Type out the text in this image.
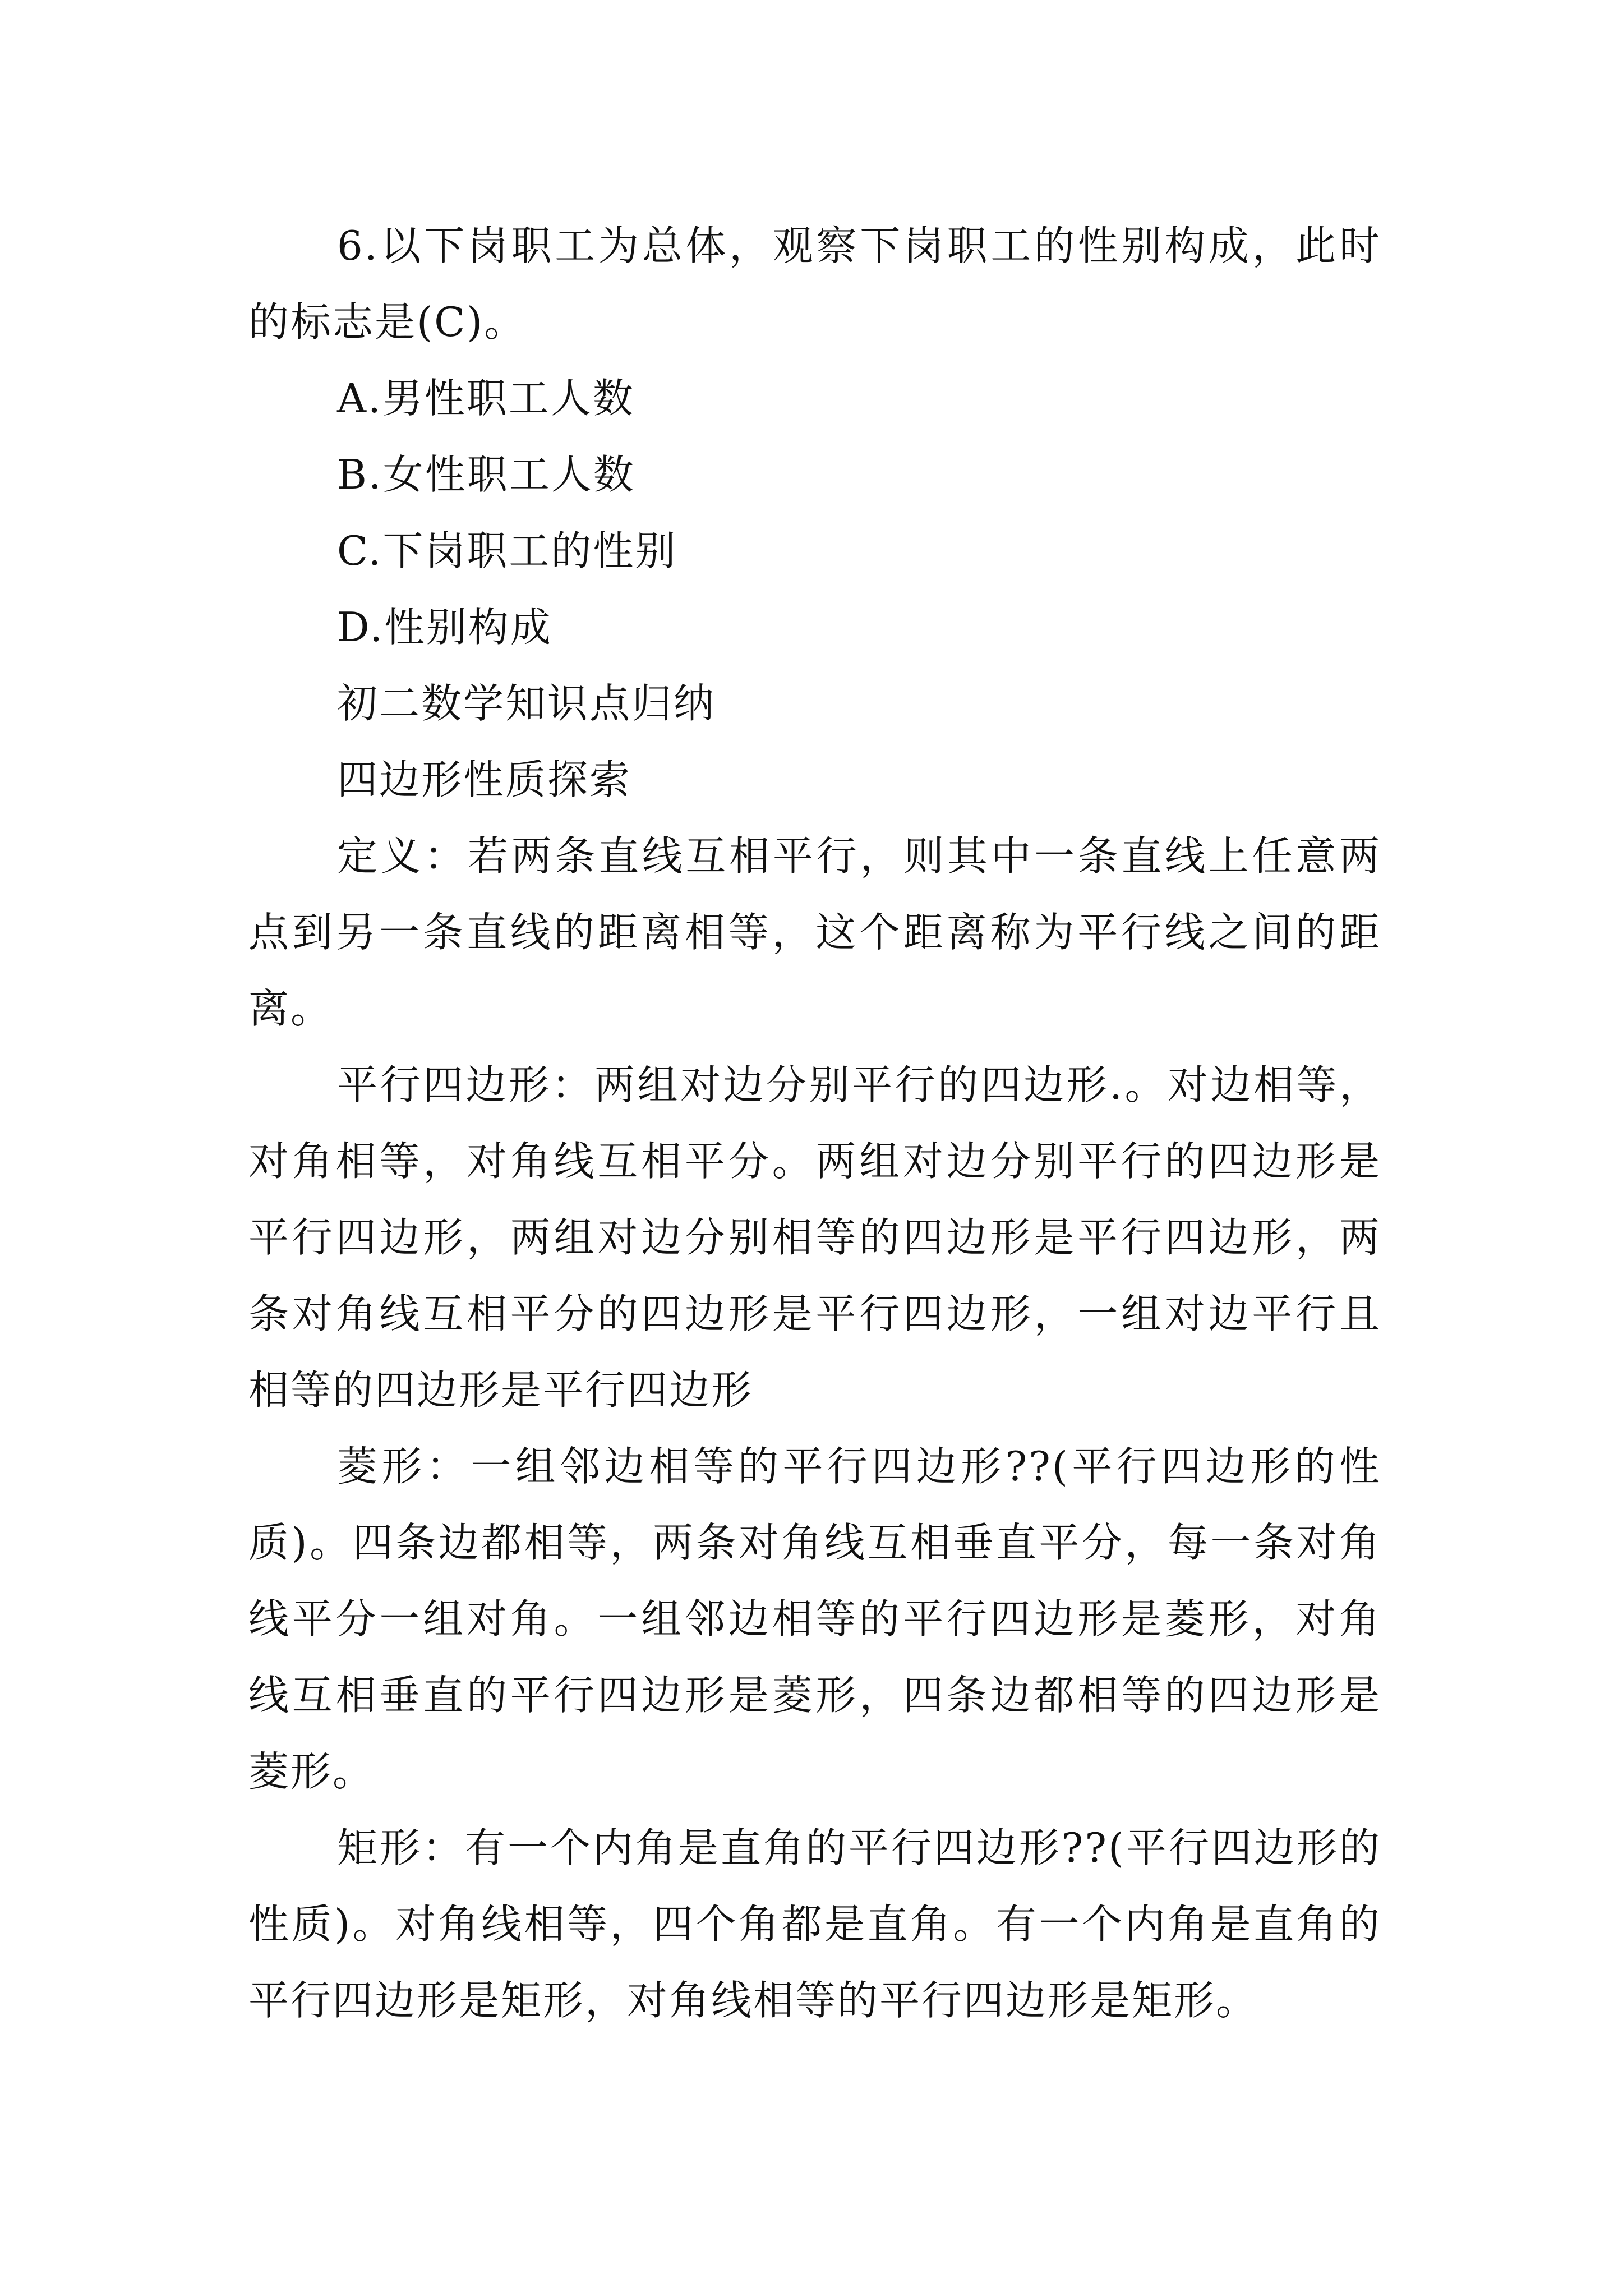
6.以下岗职工为总体，观察下岗职工的性别构成，此时的标志是(C)。

A.男性职工人数

B.女性职工人数

C.下岗职工的性别

D.性别构成

初二数学知识点归纳

四边形性质探索

定义：若两条直线互相平行，则其中一条直线上任意两点到另一条直线的距离相等，这个距离称为平行线之间的距离。

平行四边形：两组对边分别平行的四边形.。对边相等，对角相等，对角线互相平分。两组对边分别平行的四边形是平行四边形，两组对边分别相等的四边形是平行四边形，两条对角线互相平分的四边形是平行四边形，一组对边平行且相等的四边形是平行四边形

菱形：一组邻边相等的平行四边形??(平行四边形的性质)。四条边都相等，两条对角线互相垂直平分，每一条对角线平分一组对角。一组邻边相等的平行四边形是菱形，对角线互相垂直的平行四边形是菱形，四条边都相等的四边形是菱形。

矩形：有一个内角是直角的平行四边形??(平行四边形的性质)。对角线相等，四个角都是直角。有一个内角是直角的平行四边形是矩形，对角线相等的平行四边形是矩形。
